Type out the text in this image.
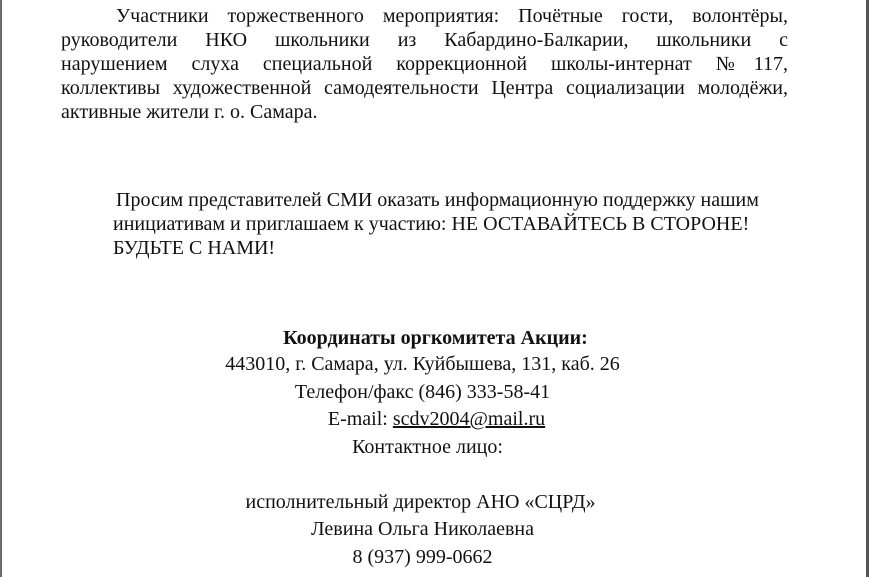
Участники торжественного мероприятия: Почётные гости, волонтёры,

руководители НКО школьники из Кабардино-Балкарии, школьники с

нарушением слуха специальной коррекционной школы-интернат №117,

коллективы художественной самодеятельности Центра социализации молодёжи,

активные жители г. о. Самара.

Просим представителей СМИ оказать информационную поддержку нашим

инициативам и приглашаем к участию: НЕ ОСТАВАЙТЕСЬ В СТОРОНЕ!

БУДЬТЕ С НАМИ!

Координаты оргкомитета Акции:

443010, г. Самара, ул. Куйбышева, 131, каб. 26

Телефон/факс (846) 333-58-41

E-mail: scdv2004@mail.ru

Контактное лицо:

исполнительный директор АНО «СЦРД»

Левина Ольга Николаевна

8 (937) 999-0662
